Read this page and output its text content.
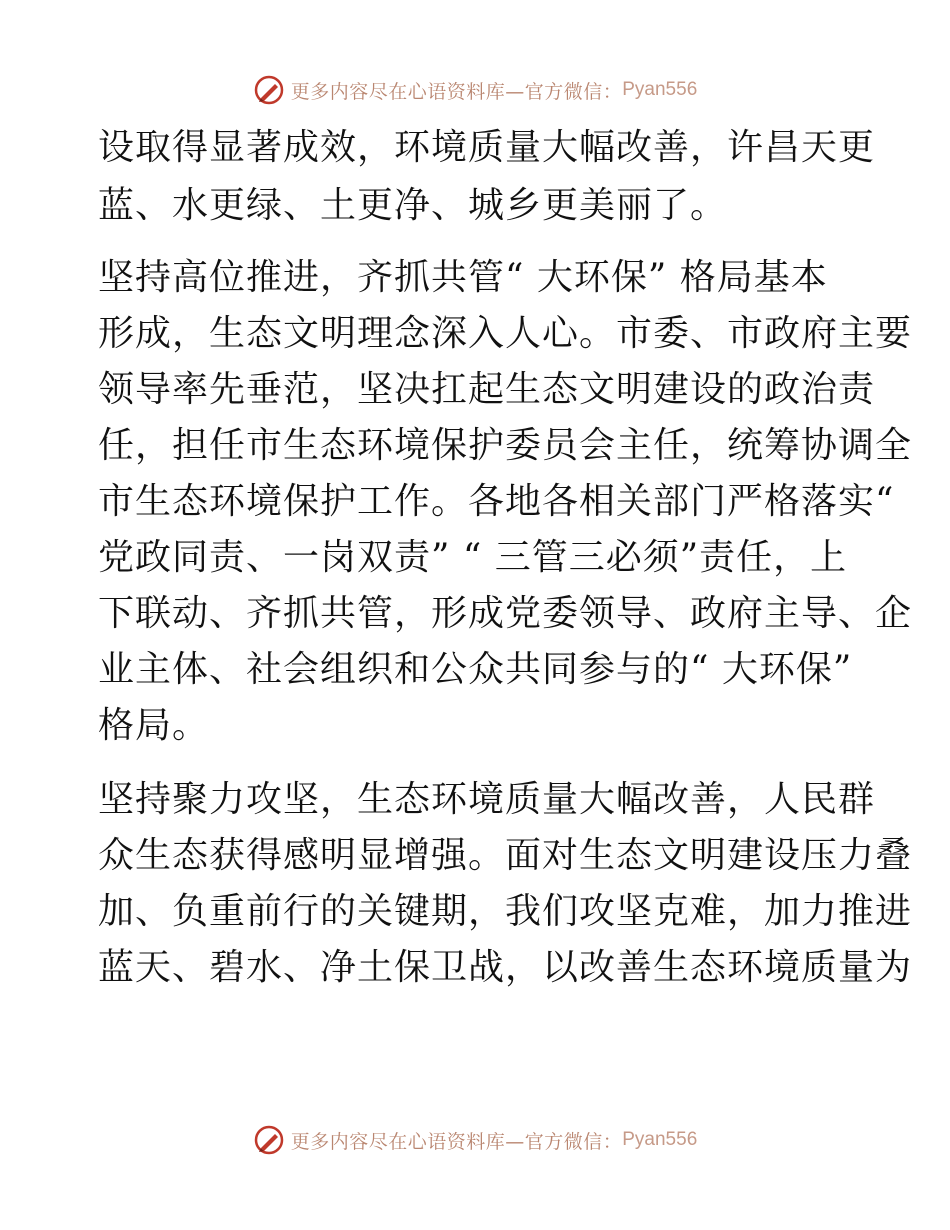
更多内容尽在心语资料库—官方微信： Pyan556
设取得显著成效，环境质量大幅改善，许昌天更
蓝、水更绿、土更净、城乡更美丽了。
坚持高位推进，齐抓共管“ 大环保” 格局基本
形成，生态文明理念深入人心。市委、市政府主要
领导率先垂范，坚决扛起生态文明建设的政治责
任，担任市生态环境保护委员会主任，统筹协调全
市生态环境保护工作。各地各相关部门严格落实“
党政同责、一岗双责” “ 三管三必须”责任，上
下联动、齐抓共管，形成党委领导、政府主导、企
业主体、社会组织和公众共同参与的“ 大环保”
格局。
坚持聚力攻坚，生态环境质量大幅改善，人民群
众生态获得感明显增强。面对生态文明建设压力叠
加、负重前行的关键期，我们攻坚克难，加力推进
蓝天、碧水、净土保卫战，以改善生态环境质量为
更多内容尽在心语资料库—官方微信： Pyan556
